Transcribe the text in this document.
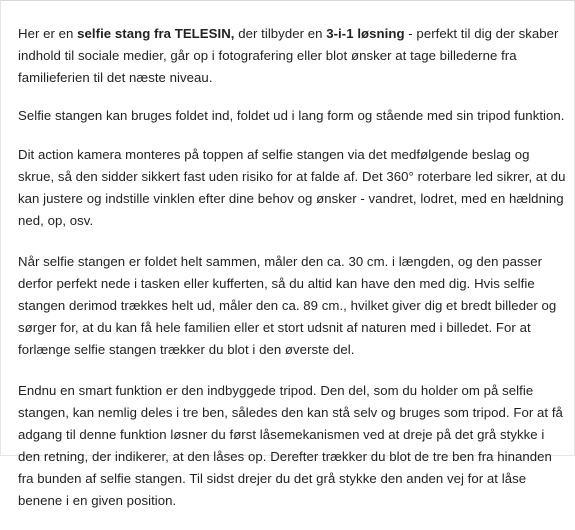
Her er en selfie stang fra TELESIN, der tilbyder en 3-i-1 løsning - perfekt til dig der skaber indhold til sociale medier, går op i fotografering eller blot ønsker at tage billederne fra familieferien til det næste niveau.

Selfie stangen kan bruges foldet ind, foldet ud i lang form og stående med sin tripod funktion.

Dit action kamera monteres på toppen af selfie stangen via det medfølgende beslag og skrue, så den sidder sikkert fast uden risiko for at falde af. Det 360° roterbare led sikrer, at du kan justere og indstille vinklen efter dine behov og ønsker - vandret, lodret, med en hældning ned, op, osv.

Når selfie stangen er foldet helt sammen, måler den ca. 30 cm. i længden, og den passer derfor perfekt nede i tasken eller kufferten, så du altid kan have den med dig. Hvis selfie stangen derimod trækkes helt ud, måler den ca. 89 cm., hvilket giver dig et bredt billeder og sørger for, at du kan få hele familien eller et stort udsnit af naturen med i billedet. For at forlænge selfie stangen trækker du blot i den øverste del.

Endnu en smart funktion er den indbyggede tripod. Den del, som du holder om på selfie stangen, kan nemlig deles i tre ben, således den kan stå selv og bruges som tripod. For at få adgang til denne funktion løsner du først låsemekanismen ved at dreje på det grå stykke i den retning, der indikerer, at den låses op. Derefter trækker du blot de tre ben fra hinanden fra bunden af selfie stangen. Til sidst drejer du det grå stykke den anden vej for at låse benene i en given position.
